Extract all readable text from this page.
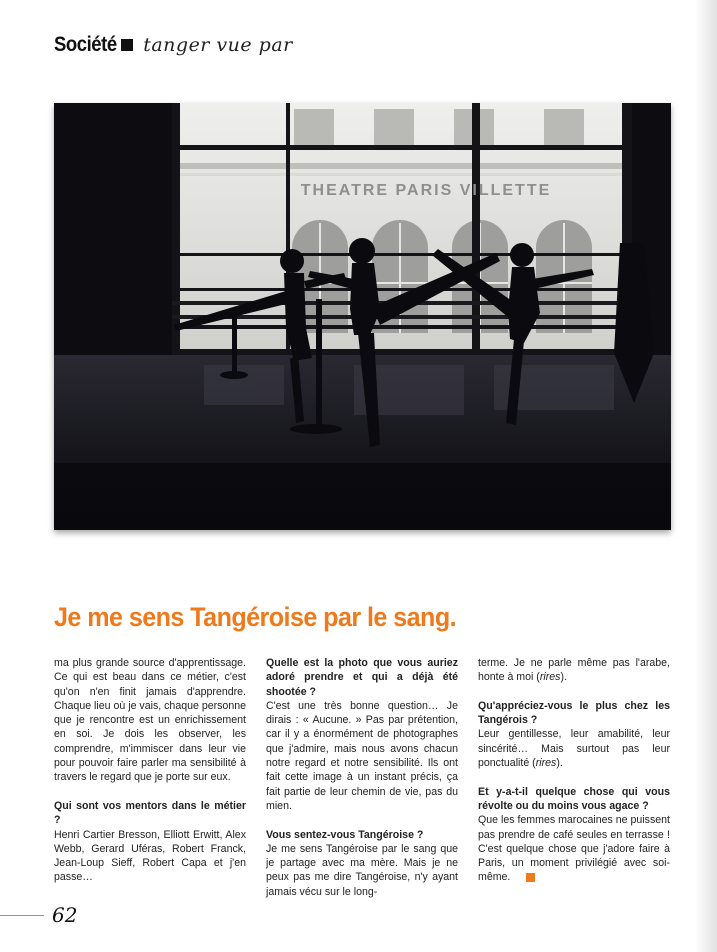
Société tanger vue par
THEATRE PARIS VILLETTE
Je me sens Tangéroise par le sang.

ma plus grande source d'apprentissage. Ce qui est beau dans ce métier, c'est qu'on n'en finit jamais d'apprendre. Chaque lieu où je vais, chaque personne que je rencontre est un enrichissement en soi. Je dois les observer, les comprendre, m'immiscer dans leur vie pour pouvoir faire parler ma sensibilité à travers le regard que je porte sur eux.

Qui sont vos mentors dans le métier ?

Henri Cartier Bresson, Elliott Erwitt, Alex Webb, Gerard Uféras, Robert Franck, Jean-Loup Sieff, Robert Capa et j'en passe…

Quelle est la photo que vous auriez adoré prendre et qui a déjà été shootée ?

C'est une très bonne question… Je dirais : « Aucune. » Pas par prétention, car il y a énormément de photographes que j'admire, mais nous avons chacun notre regard et notre sensibilité. Ils ont fait cette image à un instant précis, ça fait partie de leur chemin de vie, pas du mien.

Vous sentez-vous Tangéroise ?

Je me sens Tangéroise par le sang que je partage avec ma mère. Mais je ne peux pas me dire Tangéroise, n'y ayant jamais vécu sur le long-

terme. Je ne parle même pas l'arabe, honte à moi (rires).

Qu'appréciez-vous le plus chez les Tangérois ?

Leur gentillesse, leur amabilité, leur sincérité… Mais surtout pas leur ponctualité (rires).

Et y-a-t-il quelque chose qui vous révolte ou du moins vous agace ?

Que les femmes marocaines ne puissent pas prendre de café seules en terrasse ! C'est quelque chose que j'adore faire à Paris, un moment privilégié avec soi-même.

62
